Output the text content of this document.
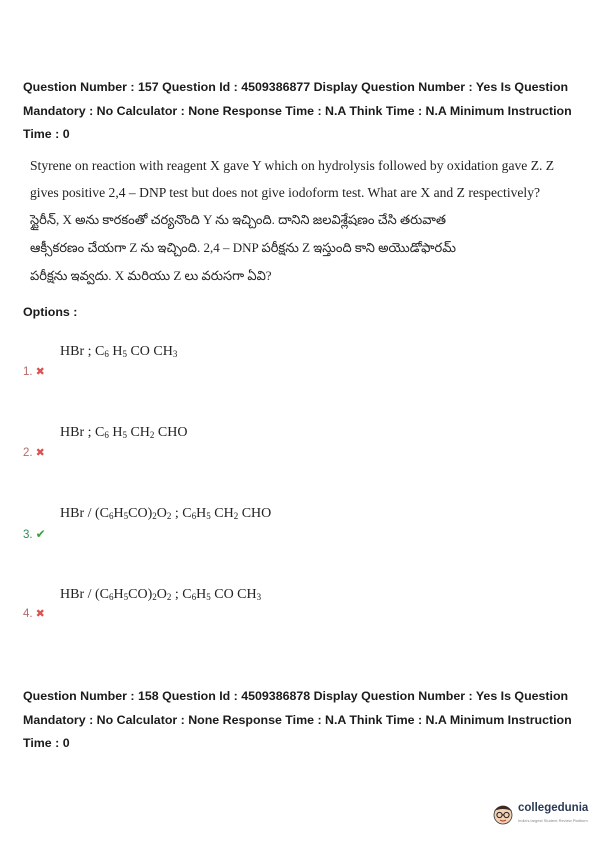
Question Number : 157 Question Id : 4509386877 Display Question Number : Yes Is Question Mandatory : No Calculator : None Response Time : N.A Think Time : N.A Minimum Instruction Time : 0
Styrene on reaction with reagent X gave Y which on hydrolysis followed by oxidation gave Z. Z
gives positive 2,4 – DNP test but does not give iodoform test. What are X and Z respectively?
స్టైరీన్, X అను కారకంతో చర్యనొంది Y ను ఇచ్చింది. దానిని జలవిశ్లేషణం చేసి తరువాత
ఆక్సీకరణం చేయగా Z ను ఇచ్చింది. 2,4 – DNP పరీక్షను Z ఇస్తుంది కాని అయొడోఫారమ్
పరీక్షను ఇవ్వదు. X మరియు Z లు వరుసగా ఏవి?
Options :
HBr ; $C_6$ $H_5$ CO $CH_3$
1. ✖
HBr ; $C_6$ $H_5$ $CH_2$ CHO
2. ✖
HBr / $(C_6H_5CO)_2O_2$ ; $C_6H_5$ $CH_2$ CHO
3. ✔
HBr / $(C_6H_5CO)_2O_2$ ; $C_6H_5$ CO $CH_3$
4. ✖
Question Number : 158 Question Id : 4509386878 Display Question Number : Yes Is Question Mandatory : No Calculator : None Response Time : N.A Think Time : N.A Minimum Instruction Time : 0
collegedunia
India's largest Student Review Platform
